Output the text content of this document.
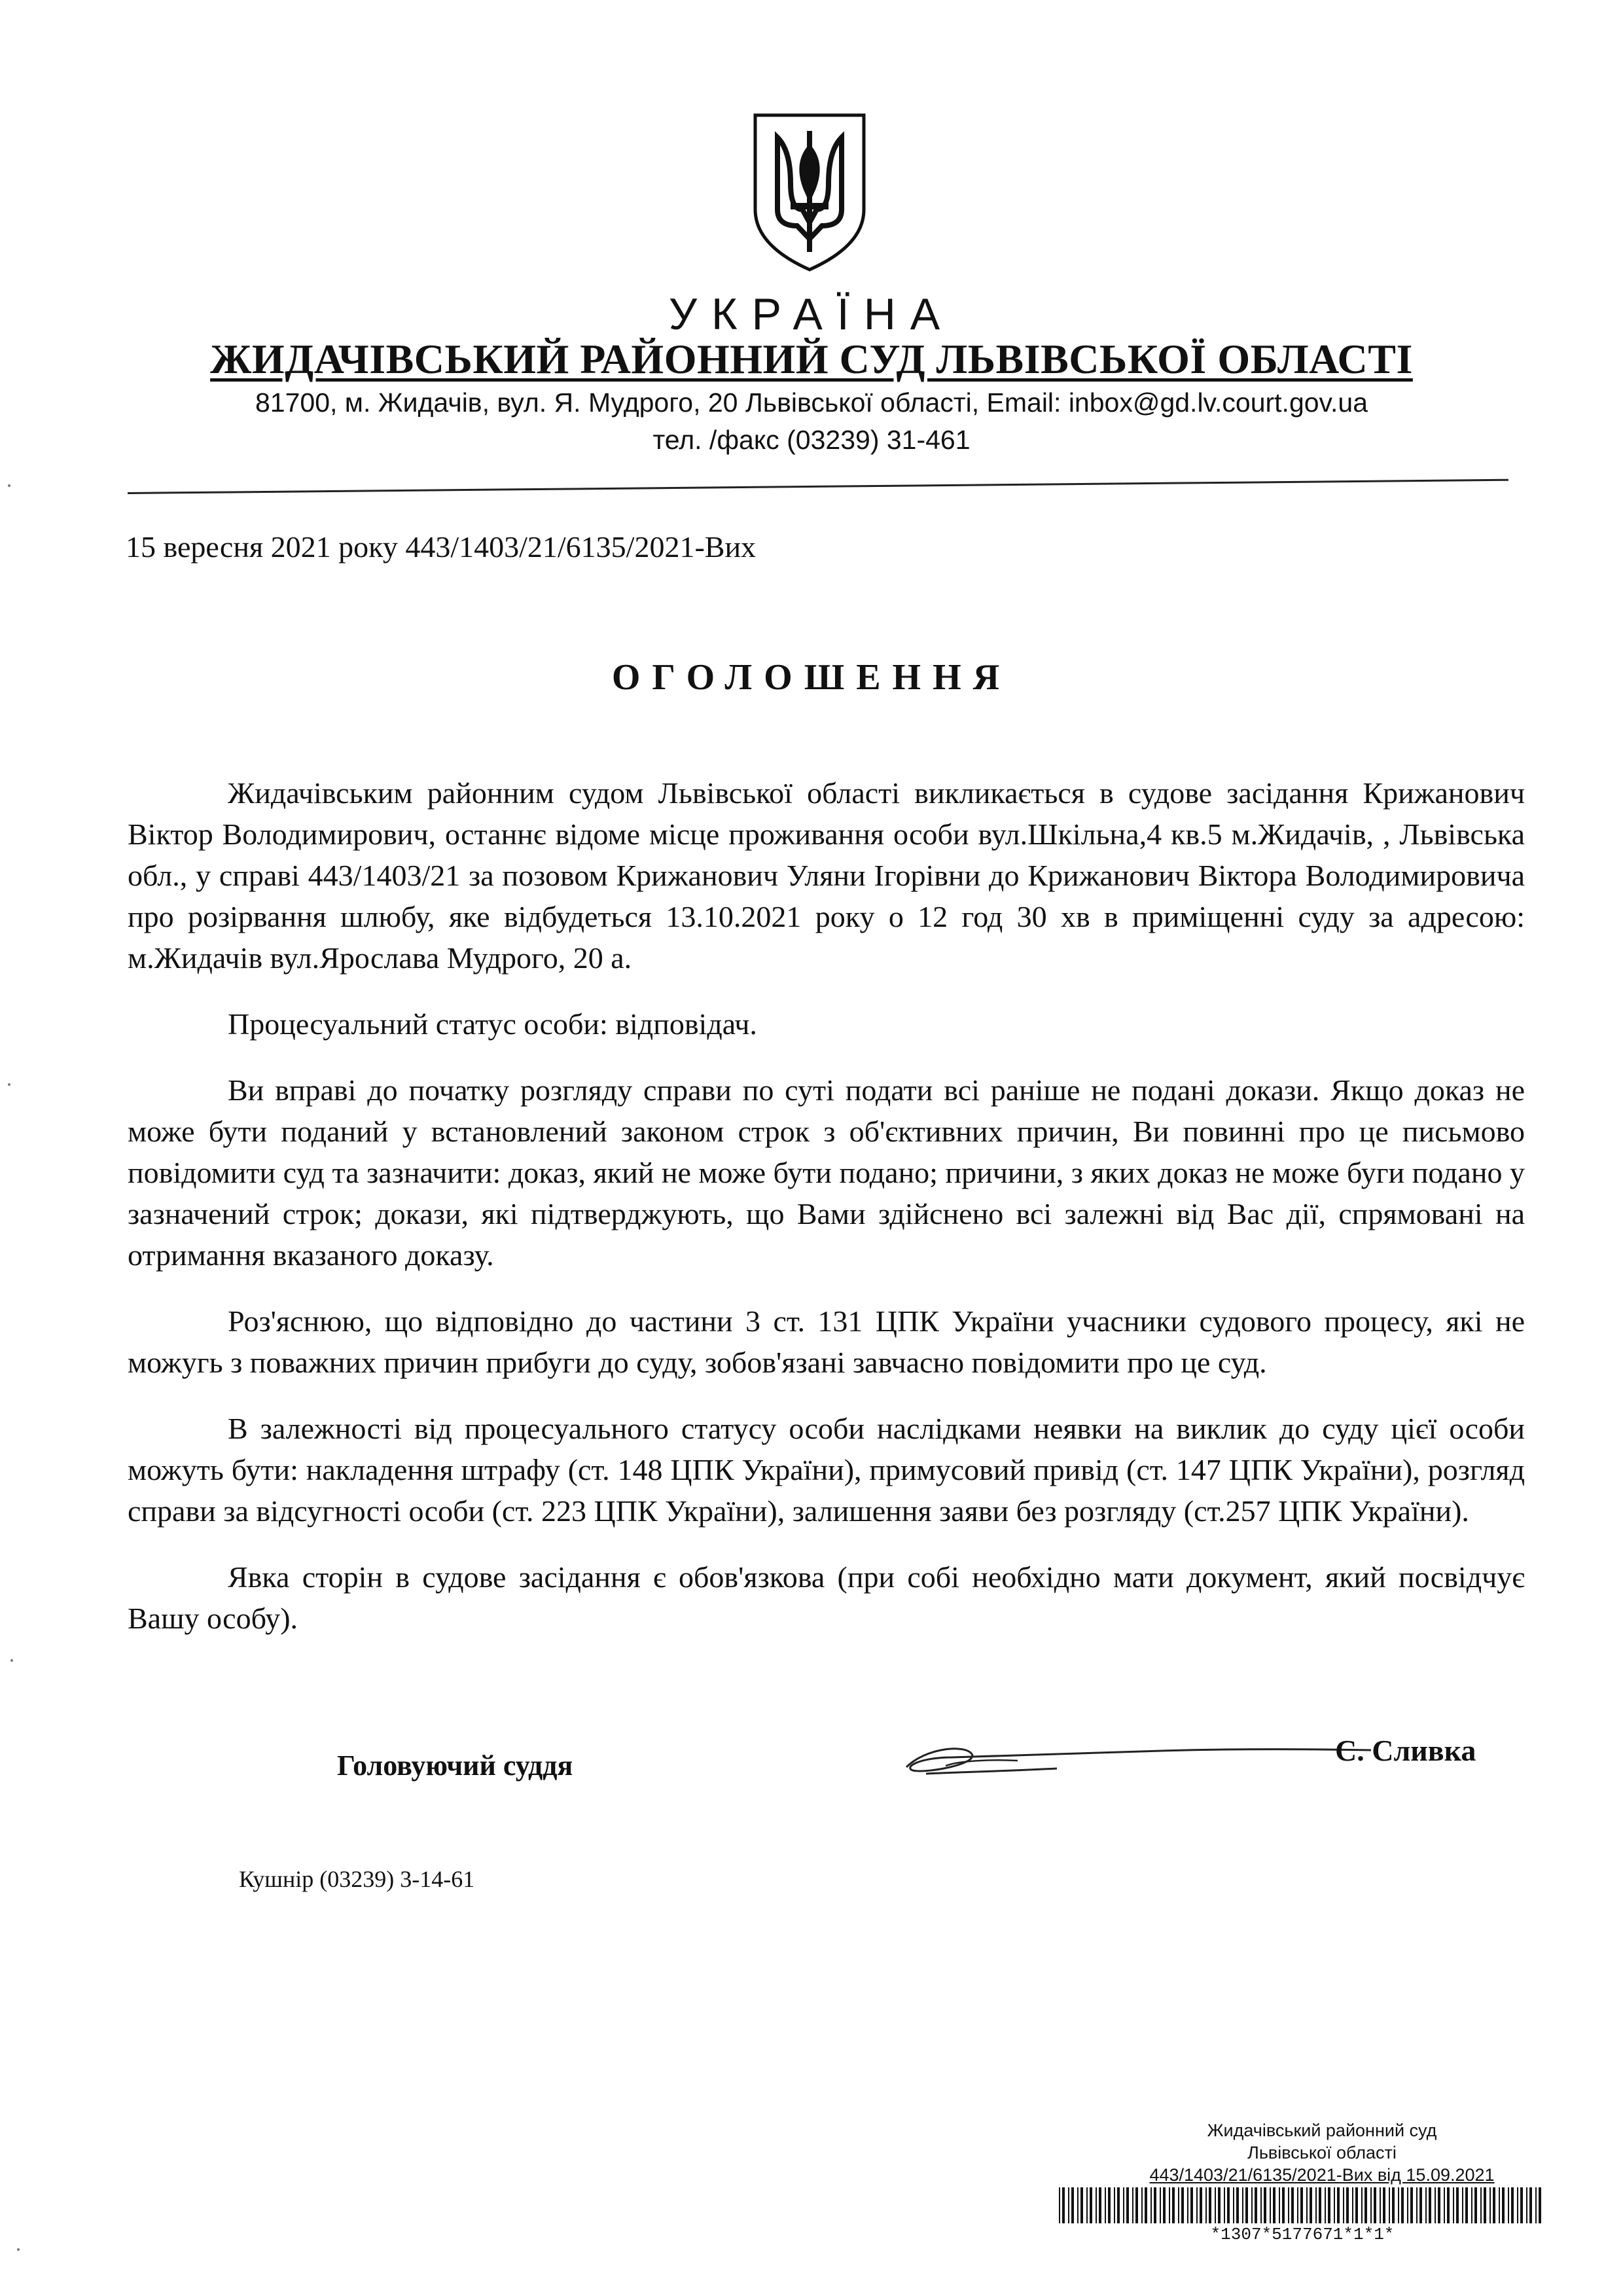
УКРАЇНА
ЖИДАЧІВСЬКИЙ РАЙОННИЙ СУД ЛЬВІВСЬКОЇ ОБЛАСТІ
81700, м. Жидачів, вул. Я. Мудрого, 20 Львівської області, Email: inbox@gd.lv.court.gov.ua
тел. /факс (03239) 31-461
15 вересня 2021 року 443/1403/21/6135/2021-Вих
ОГОЛОШЕННЯ

Жидачівським районним судом Львівської області викликається в судове засідання Крижанович Віктор Володимирович, останнє відоме місце проживання особи вул.Шкільна,4 кв.5 м.Жидачів, , Львівська обл., у справі 443/1403/21 за позовом Крижанович Уляни Ігорівни до Крижанович Віктора Володимировича про розірвання шлюбу, яке відбудеться 13.10.2021 року о 12 год 30 хв в приміщенні суду за адресою: м.Жидачів вул.Ярослава Мудрого, 20 а.

Процесуальний статус особи: відповідач.

Ви вправі до початку розгляду справи по суті подати всі раніше не подані докази. Якщо доказ не може бути поданий у встановлений законом строк з об'єктивних причин, Ви повинні про це письмово повідомити суд та зазначити: доказ, який не може бути подано; причини, з яких доказ не може буги подано у зазначений строк; докази, які підтверджують, що Вами здійснено всі залежні від Вас дії, спрямовані на отримання вказаного доказу.

Роз'яснюю, що відповідно до частини 3 ст. 131 ЦПК України учасники судового процесу, які не можугь з поважних причин прибуги до суду, зобов'язані завчасно повідомити про це суд.

В залежності від процесуального статусу особи наслідками неявки на виклик до суду цієї особи можуть бути: накладення штрафу (ст. 148 ЦПК України), примусовий привід (ст. 147 ЦПК України), розгляд справи за відсугності особи (ст. 223 ЦПК України), залишення заяви без розгляду (ст.257 ЦПК України).

Явка сторін в судове засідання є обов'язкова (при собі необхідно мати документ, який посвідчує Вашу особу).

Головуючий суддя	С. Сливка
Кушнір (03239) 3-14-61
Жидачівський районний суд
Львівської області
443/1403/21/6135/2021-Вих від 15.09.2021
*1307*5177671*1*1*
